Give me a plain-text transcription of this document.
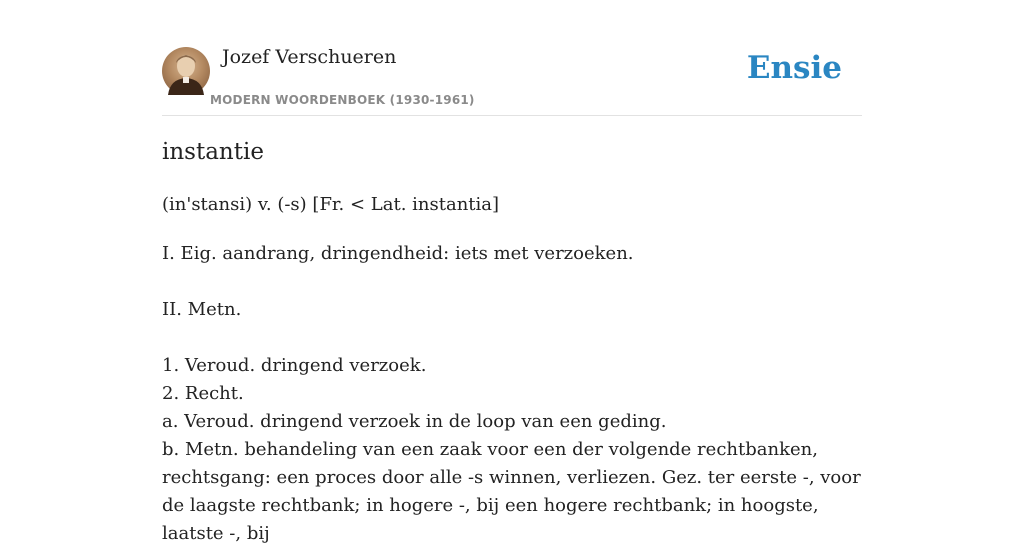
Jozef Verschueren
MODERN WOORDENBOEK (1930-1961)
Ensie
instantie
(in'stansi) v. (-s) [Fr. < Lat. instantia]

I. Eig. aandrang, dringendheid: iets met verzoeken.

II. Metn.

1. Veroud. dringend verzoek.

2. Recht.

a. Veroud. dringend verzoek in de loop van een geding.

b. Metn. behandeling van een zaak voor een der volgende rechtbanken, rechtsgang: een proces door alle -s winnen, verliezen. Gez. ter eerste -, voor de laagste rechtbank; in hogere -, bij een hogere rechtbank; in hoogste, laatste -, bij
